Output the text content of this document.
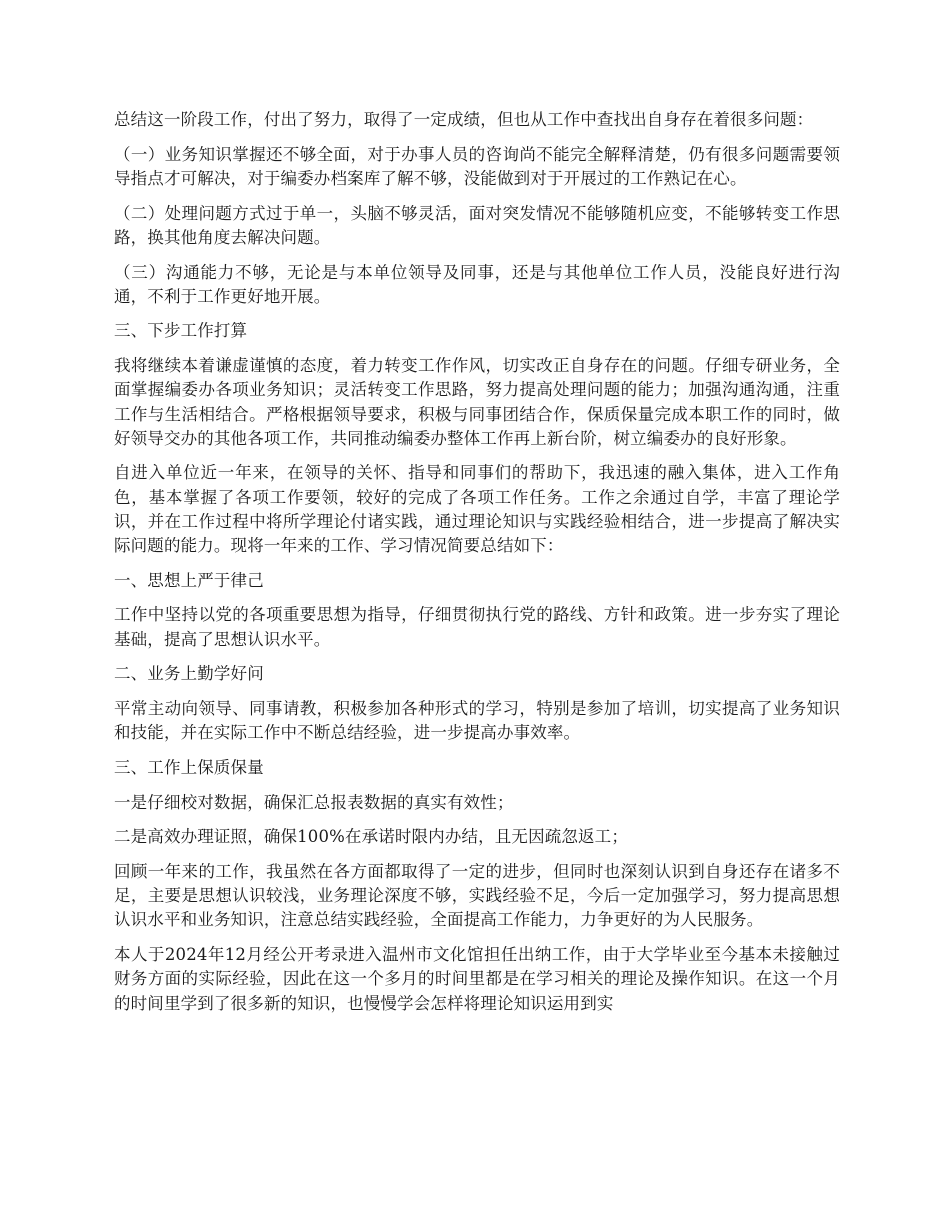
总结这一阶段工作，付出了努力，取得了一定成绩，但也从工作中查找出自身存在着很多问题：

（一）业务知识掌握还不够全面，对于办事人员的咨询尚不能完全解释清楚，仍有很多问题需要领导指点才可解决，对于编委办档案库了解不够，没能做到对于开展过的工作熟记在心。

（二）处理问题方式过于单一，头脑不够灵活，面对突发情况不能够随机应变，不能够转变工作思路，换其他角度去解决问题。

（三）沟通能力不够，无论是与本单位领导及同事，还是与其他单位工作人员，没能良好进行沟通，不利于工作更好地开展。

三、下步工作打算

我将继续本着谦虚谨慎的态度，着力转变工作作风，切实改正自身存在的问题。仔细专研业务，全面掌握编委办各项业务知识；灵活转变工作思路，努力提高处理问题的能力；加强沟通沟通，注重工作与生活相结合。严格根据领导要求，积极与同事团结合作，保质保量完成本职工作的同时，做好领导交办的其他各项工作，共同推动编委办整体工作再上新台阶，树立编委办的良好形象。

自进入单位近一年来，在领导的关怀、指导和同事们的帮助下，我迅速的融入集体，进入工作角色，基本掌握了各项工作要领，较好的完成了各项工作任务。工作之余通过自学，丰富了理论学识，并在工作过程中将所学理论付诸实践，通过理论知识与实践经验相结合，进一步提高了解决实际问题的能力。现将一年来的工作、学习情况简要总结如下：

一、思想上严于律己

工作中坚持以党的各项重要思想为指导，仔细贯彻执行党的路线、方针和政策。进一步夯实了理论基础，提高了思想认识水平。

二、业务上勤学好问

平常主动向领导、同事请教，积极参加各种形式的学习，特别是参加了培训，切实提高了业务知识和技能，并在实际工作中不断总结经验，进一步提高办事效率。

三、工作上保质保量

一是仔细校对数据，确保汇总报表数据的真实有效性；

二是高效办理证照，确保100%在承诺时限内办结，且无因疏忽返工；

回顾一年来的工作，我虽然在各方面都取得了一定的进步，但同时也深刻认识到自身还存在诸多不足，主要是思想认识较浅，业务理论深度不够，实践经验不足，今后一定加强学习，努力提高思想认识水平和业务知识，注意总结实践经验，全面提高工作能力，力争更好的为人民服务。

本人于2024年12月经公开考录进入温州市文化馆担任出纳工作，由于大学毕业至今基本未接触过财务方面的实际经验，因此在这一个多月的时间里都是在学习相关的理论及操作知识。在这一个月的时间里学到了很多新的知识，也慢慢学会怎样将理论知识运用到实
